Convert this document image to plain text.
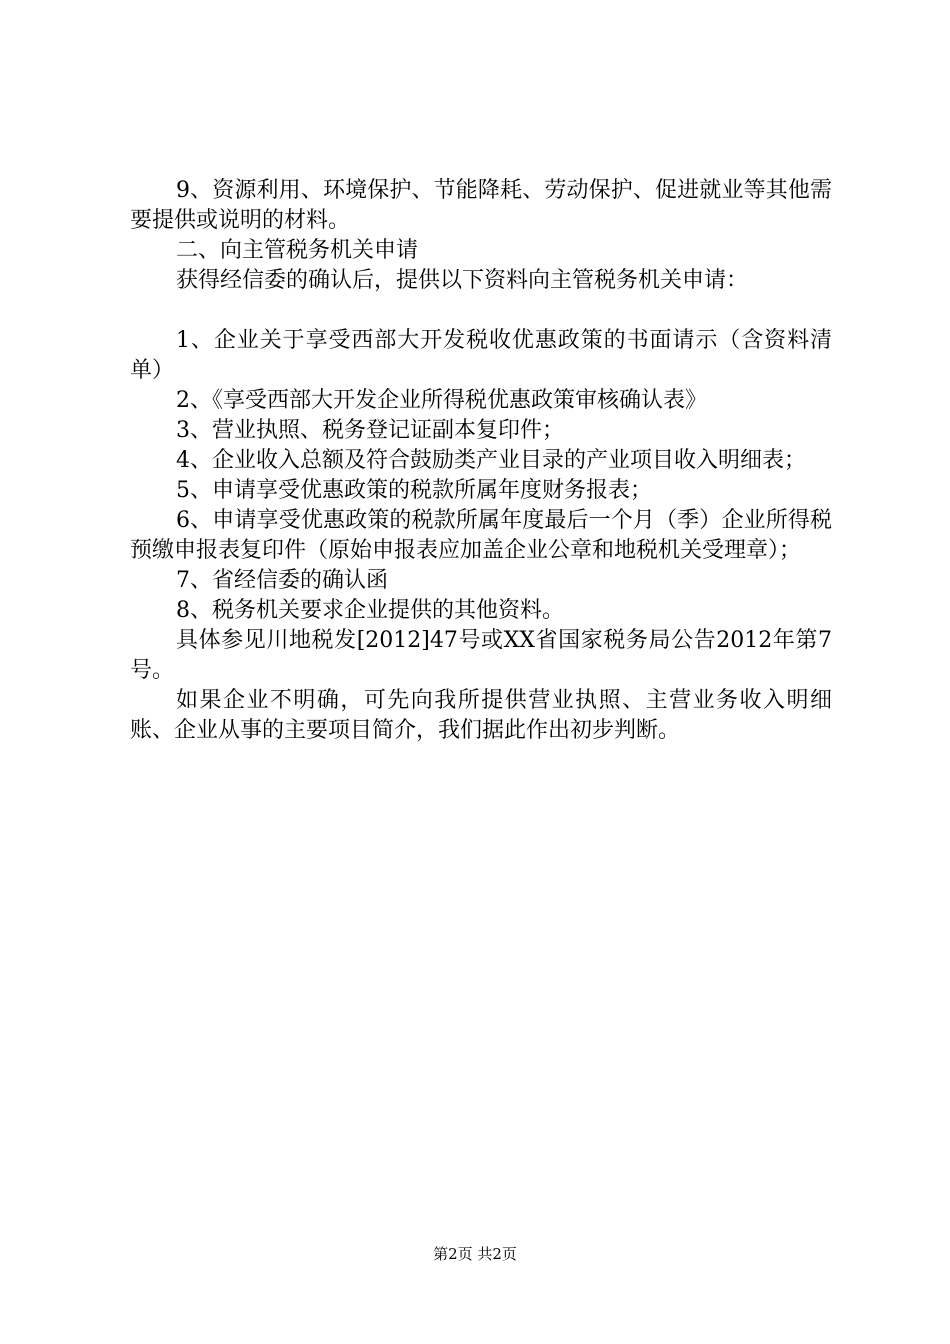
9、资源利用、环境保护、节能降耗、劳动保护、促进就业等其他需要提供或说明的材料。

二、向主管税务机关申请

获得经信委的确认后，提供以下资料向主管税务机关申请：

1、企业关于享受西部大开发税收优惠政策的书面请示（含资料清单）

2、《享受西部大开发企业所得税优惠政策审核确认表》

3、营业执照、税务登记证副本复印件；

4、企业收入总额及符合鼓励类产业目录的产业项目收入明细表；

5、申请享受优惠政策的税款所属年度财务报表；

6、申请享受优惠政策的税款所属年度最后一个月（季）企业所得税预缴申报表复印件（原始申报表应加盖企业公章和地税机关受理章）；

7、省经信委的确认函

8、税务机关要求企业提供的其他资料。

具体参见川地税发[2012]47号或XX省国家税务局公告2012年第7号。

如果企业不明确，可先向我所提供营业执照、主营业务收入明细账、企业从事的主要项目简介，我们据此作出初步判断。

第2页 共2页
